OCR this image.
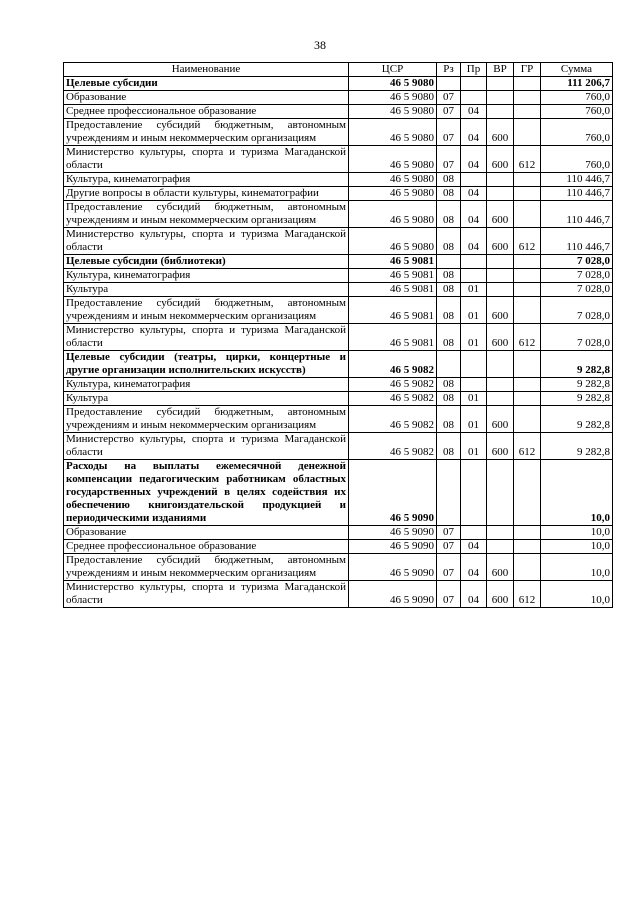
38
Наименование	ЦСР	Рз	Пр	ВР	ГР	Сумма
Целевые субсидии	46 5 9080					111 206,7
Образование	46 5 9080	07				760,0
Среднее профессиональное образование	46 5 9080	07	04			760,0
Предоставление субсидий бюджетным, автономным учреждениям и иным некоммерческим организациям	46 5 9080	07	04	600		760,0
Министерство культуры, спорта и туризма Магаданской области	46 5 9080	07	04	600	612	760,0
Культура, кинематография	46 5 9080	08				110 446,7
Другие вопросы в области культуры, кинематографии	46 5 9080	08	04			110 446,7
Предоставление субсидий бюджетным, автономным учреждениям и иным некоммерческим организациям	46 5 9080	08	04	600		110 446,7
Министерство культуры, спорта и туризма Магаданской области	46 5 9080	08	04	600	612	110 446,7
Целевые субсидии (библиотеки)	46 5 9081					7 028,0
Культура, кинематография	46 5 9081	08				7 028,0
Культура	46 5 9081	08	01			7 028,0
Предоставление субсидий бюджетным, автономным учреждениям и иным некоммерческим организациям	46 5 9081	08	01	600		7 028,0
Министерство культуры, спорта и туризма Магаданской области	46 5 9081	08	01	600	612	7 028,0
Целевые субсидии (театры, цирки, концертные и другие организации исполнительских искусств)	46 5 9082					9 282,8
Культура, кинематография	46 5 9082	08				9 282,8
Культура	46 5 9082	08	01			9 282,8
Предоставление субсидий бюджетным, автономным учреждениям и иным некоммерческим организациям	46 5 9082	08	01	600		9 282,8
Министерство культуры, спорта и туризма Магаданской области	46 5 9082	08	01	600	612	9 282,8
Расходы на выплаты ежемесячной денежной компенсации педагогическим работникам областных государственных учреждений в целях содействия их обеспечению книгоиздательской продукцией и периодическими изданиями	46 5 9090					10,0
Образование	46 5 9090	07				10,0
Среднее профессиональное образование	46 5 9090	07	04			10,0
Предоставление субсидий бюджетным, автономным учреждениям и иным некоммерческим организациям	46 5 9090	07	04	600		10,0
Министерство культуры, спорта и туризма Магаданской области	46 5 9090	07	04	600	612	10,0
